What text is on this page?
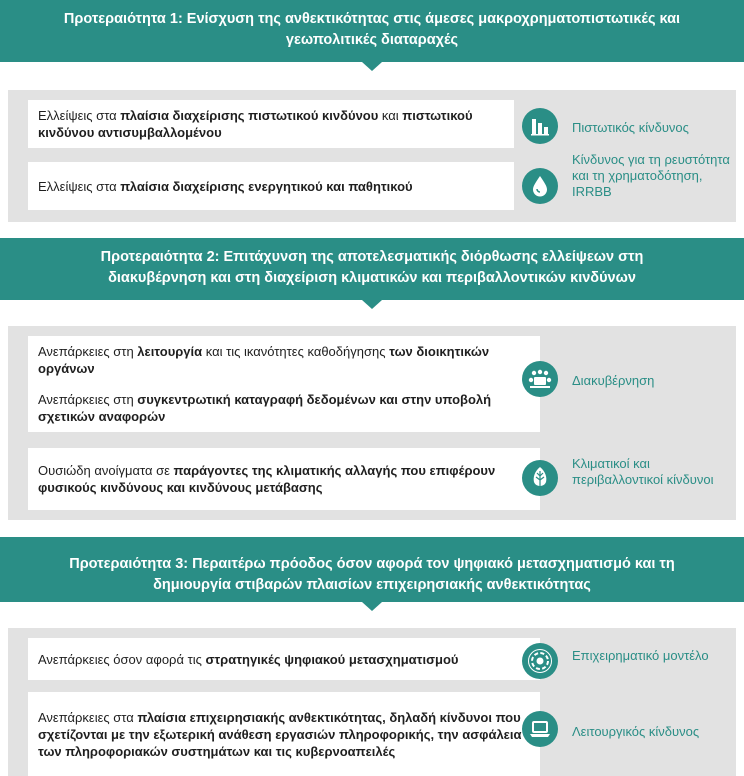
Προτεραιότητα 1: Ενίσχυση της ανθεκτικότητας στις άμεσες μακροχρηματοπιστωτικές και
γεωπολιτικές διαταραχές

Ελλείψεις στα πλαίσια διαχείρισης πιστωτικού κινδύνου και πιστωτικού κινδύνου αντισυμβαλλομένου

Ελλείψεις στα πλαίσια διαχείρισης ενεργητικού και παθητικού

Πιστωτικός κίνδυνος
Κίνδυνος για τη ρευστότητα και τη χρηματοδότηση, IRRBB
Προτεραιότητα 2: Επιτάχυνση της αποτελεσματικής διόρθωσης ελλείψεων στη
διακυβέρνηση και στη διαχείριση κλιματικών και περιβαλλοντικών κινδύνων

Ανεπάρκειες στη λειτουργία και τις ικανότητες καθοδήγησης των διοικητικών οργάνων

Ανεπάρκειες στη συγκεντρωτική καταγραφή δεδομένων και στην υποβολή σχετικών αναφορών

Ουσιώδη ανοίγματα σε παράγοντες της κλιματικής αλλαγής που επιφέρουν φυσικούς κινδύνους και κινδύνους μετάβασης

Διακυβέρνηση
Κλιματικοί και περιβαλλοντικοί κίνδυνοι
Προτεραιότητα 3: Περαιτέρω πρόοδος όσον αφορά τον ψηφιακό μετασχηματισμό και τη
δημιουργία στιβαρών πλαισίων επιχειρησιακής ανθεκτικότητας

Ανεπάρκειες όσον αφορά τις στρατηγικές ψηφιακού μετασχηματισμού

Ανεπάρκειες στα πλαίσια επιχειρησιακής ανθεκτικότητας, δηλαδή κίνδυνοι που σχετίζονται με την εξωτερική ανάθεση εργασιών πληροφορικής, την ασφάλεια των πληροφοριακών συστημάτων και τις κυβερνοαπειλές

Επιχειρηματικό μοντέλο
Λειτουργικός κίνδυνος
